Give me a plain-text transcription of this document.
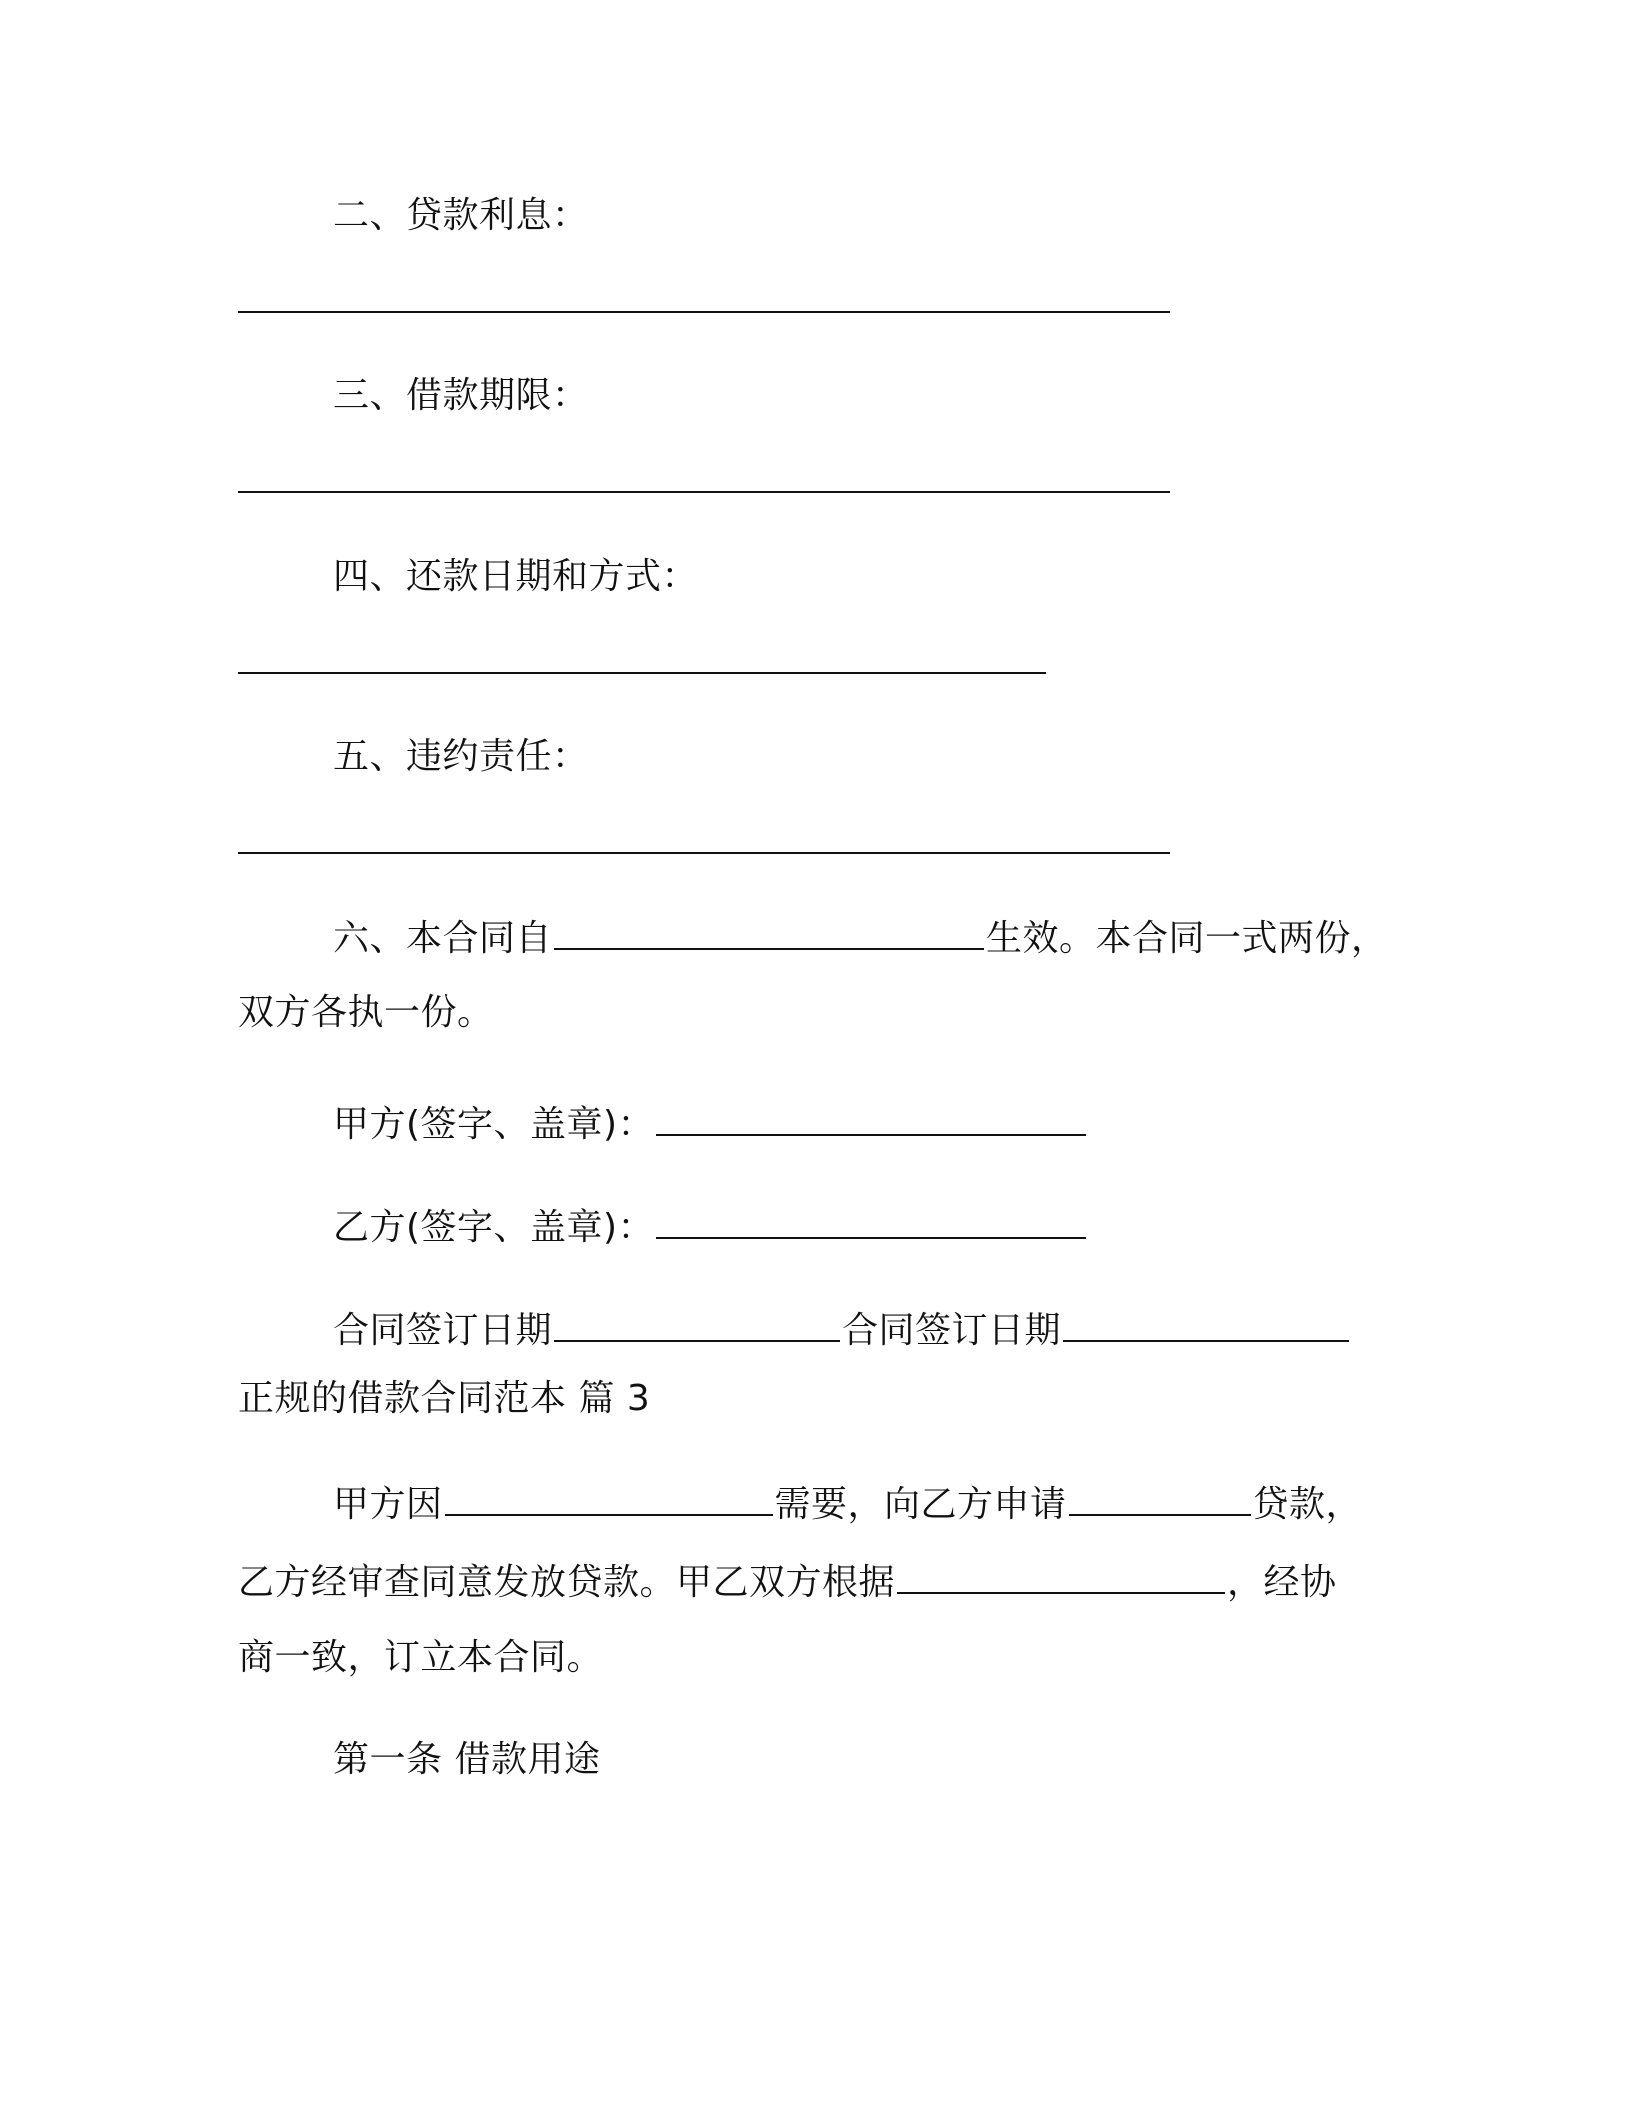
二、贷款利息：
三、借款期限：
四、还款日期和方式：
五、违约责任：
六、本合同自	生效。本合同一式两份，
双方各执一份。
甲方(签字、盖章)：
乙方(签字、盖章)：
合同签订日期	合同签订日期
正规的借款合同范本 篇 3
甲方因	需要，向乙方申请	贷款，
乙方经审查同意发放贷款。甲乙双方根据	，经协
商一致，订立本合同。
第一条 借款用途
